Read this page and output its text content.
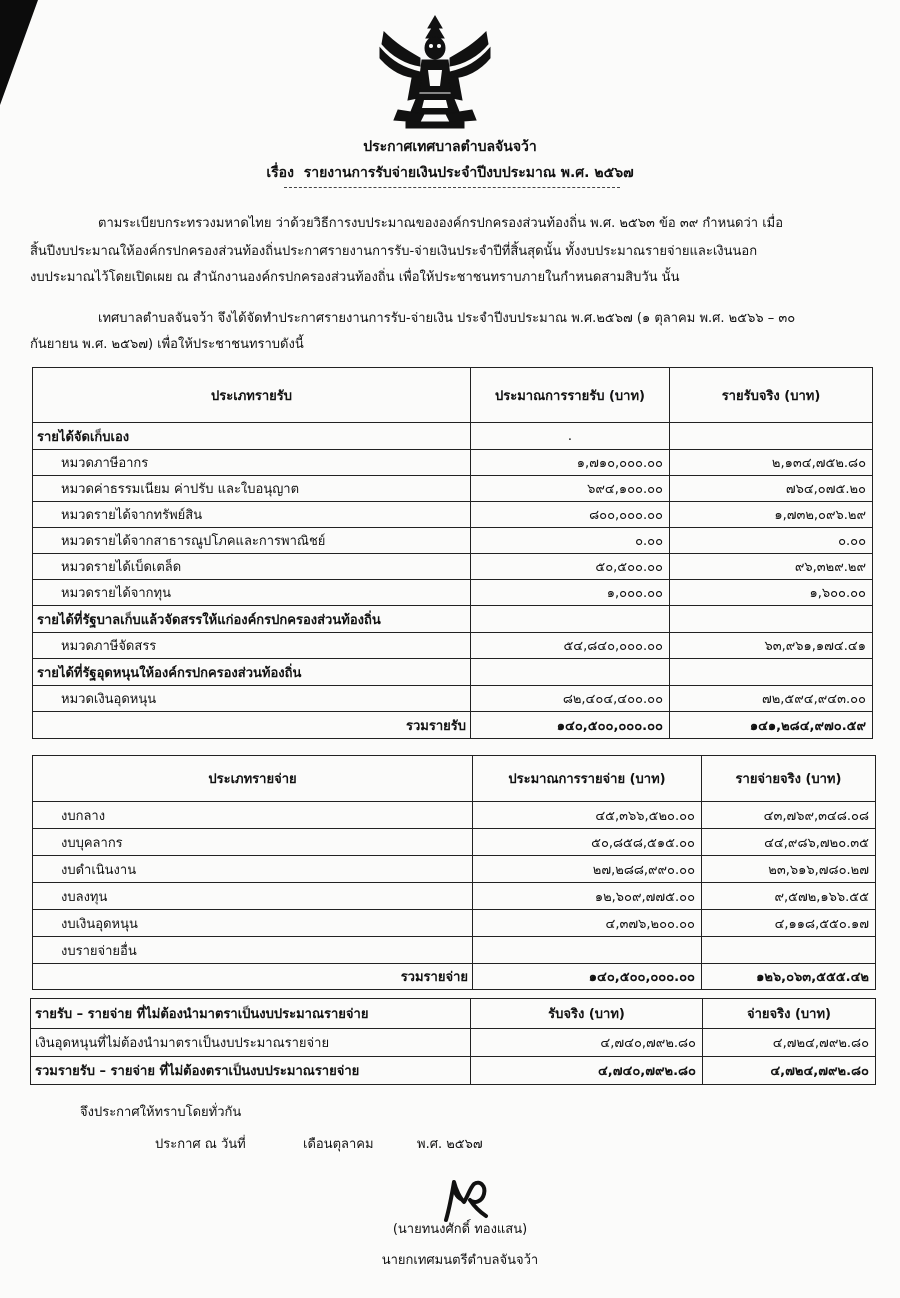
ประกาศเทศบาลตำบลจันจว้า
เรื่อง รายงานการรับจ่ายเงินประจำปีงบประมาณ พ.ศ. ๒๕๖๗
ตามระเบียบกระทรวงมหาดไทย ว่าด้วยวิธีการงบประมาณขององค์กรปกครองส่วนท้องถิ่น พ.ศ. ๒๕๖๓ ข้อ ๓๙ กำหนดว่า เมื่อ
สิ้นปีงบประมาณให้องค์กรปกครองส่วนท้องถิ่นประกาศรายงานการรับ-จ่ายเงินประจำปีที่สิ้นสุดนั้น ทั้งงบประมาณรายจ่ายและเงินนอก
งบประมาณไว้โดยเปิดเผย ณ สำนักงานองค์กรปกครองส่วนท้องถิ่น เพื่อให้ประชาชนทราบภายในกำหนดสามสิบวัน นั้น
เทศบาลตำบลจันจว้า จึงได้จัดทำประกาศรายงานการรับ-จ่ายเงิน ประจำปีงบประมาณ พ.ศ.๒๕๖๗ (๑ ตุลาคม พ.ศ. ๒๕๖๖ – ๓๐
กันยายน พ.ศ. ๒๕๖๗) เพื่อให้ประชาชนทราบดังนี้
ประเภทรายรับ	ประมาณการรายรับ (บาท)	รายรับจริง (บาท)
รายได้จัดเก็บเอง	.	
หมวดภาษีอากร	๑,๗๑๐,๐๐๐.๐๐	๒,๑๓๔,๗๕๒.๘๐
หมวดค่าธรรมเนียม ค่าปรับ และใบอนุญาต	๖๙๔,๑๐๐.๐๐	๗๖๔,๐๗๕.๒๐
หมวดรายได้จากทรัพย์สิน	๘๐๐,๐๐๐.๐๐	๑,๗๓๒,๐๙๖.๒๙
หมวดรายได้จากสาธารณูปโภคและการพาณิชย์	๐.๐๐	๐.๐๐
หมวดรายได้เบ็ดเตล็ด	๕๐,๕๐๐.๐๐	๙๖,๓๒๙.๒๙
หมวดรายได้จากทุน	๑,๐๐๐.๐๐	๑,๖๐๐.๐๐
รายได้ที่รัฐบาลเก็บแล้วจัดสรรให้แก่องค์กรปกครองส่วนท้องถิ่น		
หมวดภาษีจัดสรร	๕๔,๘๔๐,๐๐๐.๐๐	๖๓,๙๖๑,๑๗๔.๔๑
รายได้ที่รัฐอุดหนุนให้องค์กรปกครองส่วนท้องถิ่น		
หมวดเงินอุดหนุน	๘๒,๔๐๔,๔๐๐.๐๐	๗๒,๕๙๔,๙๔๓.๐๐
รวมรายรับ	๑๔๐,๕๐๐,๐๐๐.๐๐	๑๔๑,๒๘๔,๙๗๐.๕๙
ประเภทรายจ่าย	ประมาณการรายจ่าย (บาท)	รายจ่ายจริง (บาท)
งบกลาง	๔๕,๓๖๖,๕๒๐.๐๐	๔๓,๗๖๙,๓๔๘.๐๘
งบบุคลากร	๕๐,๘๕๘,๕๑๕.๐๐	๔๔,๙๘๖,๗๒๐.๓๕
งบดำเนินงาน	๒๗,๒๘๘,๙๙๐.๐๐	๒๓,๖๑๖,๗๘๐.๒๗
งบลงทุน	๑๒,๖๐๙,๗๗๕.๐๐	๙,๕๗๒,๑๖๖.๕๕
งบเงินอุดหนุน	๔,๓๗๖,๒๐๐.๐๐	๔,๑๑๘,๕๕๐.๑๗
งบรายจ่ายอื่น		
รวมรายจ่าย	๑๔๐,๕๐๐,๐๐๐.๐๐	๑๒๖,๐๖๓,๕๕๕.๔๒
รายรับ – รายจ่าย ที่ไม่ต้องนำมาตราเป็นงบประมาณรายจ่าย	รับจริง (บาท)	จ่ายจริง (บาท)
เงินอุดหนุนที่ไม่ต้องนำมาตราเป็นงบประมาณรายจ่าย	๔,๗๔๐,๗๙๒.๘๐	๔,๗๒๔,๗๙๒.๘๐
รวมรายรับ – รายจ่าย ที่ไม่ต้องตราเป็นงบประมาณรายจ่าย	๔,๗๔๐,๗๙๒.๘๐	๔,๗๒๔,๗๙๒.๘๐
จึงประกาศให้ทราบโดยทั่วกัน
ประกาศ ณ วันที่	เดือนตุลาคม	พ.ศ. ๒๕๖๗
(นายทนงศักดิ์ ทองแสน)
นายกเทศมนตรีตำบลจันจว้า
